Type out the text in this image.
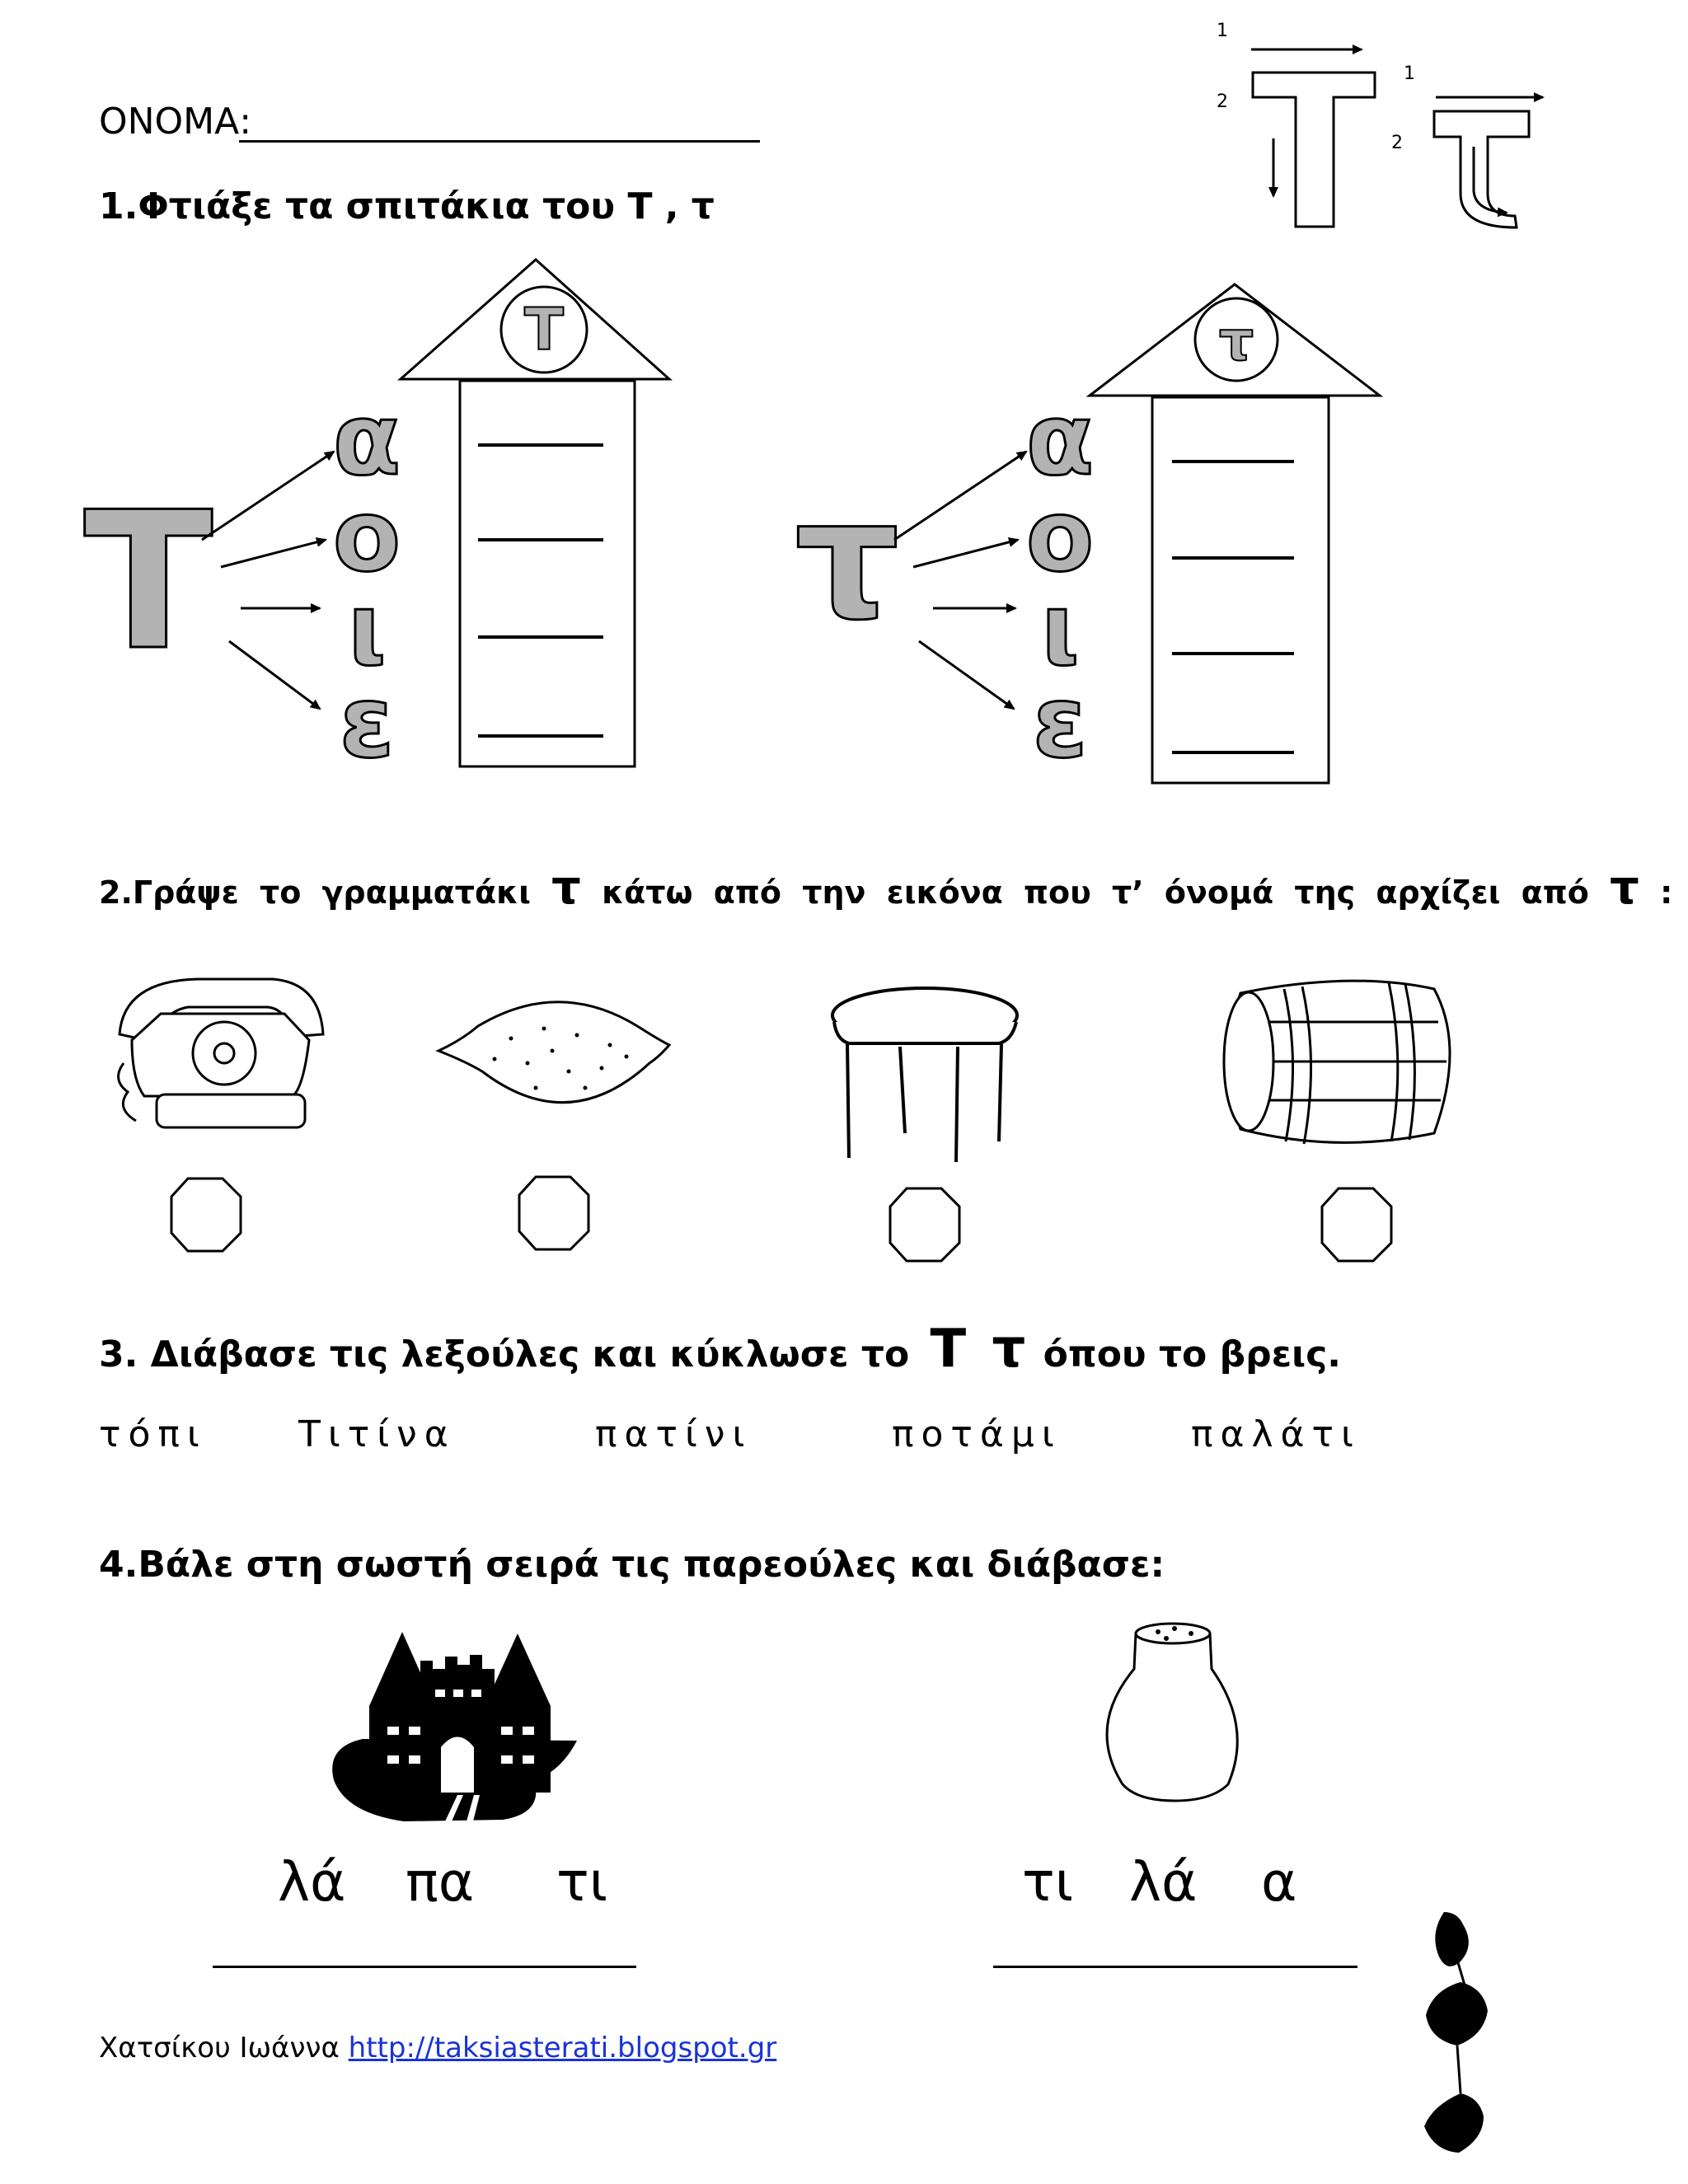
1
2
1
2
Τ
Τ
α
ο
ι
ε
τ
τ
α
ο
ι
ε
ΟΝΟΜΑ:
1.Φτιάξε τα σπιτάκια του Τ , τ
2.Γράψε το γραμματάκι τ κάτω από την εικόνα που τ’ όνομά της αρχίζει από τ :
3. Διάβασε τις λεξούλες και κύκλωσε το Τ τ όπου το βρεις.
τόπι	Τιτίνα	πατίνι	ποτάμι	παλάτι
4.Βάλε στη σωστή σειρά τις παρεούλες και διάβασε:
λά πα τι	τι λά α
Χατσίκου Ιωάννα http://taksiasterati.blogspot.gr
